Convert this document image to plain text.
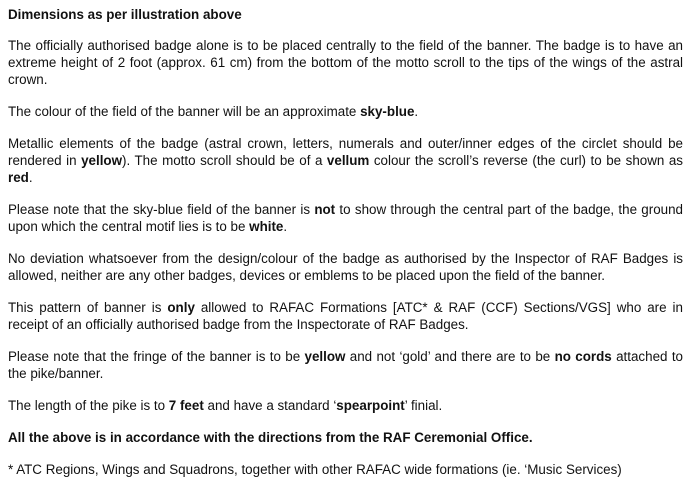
Dimensions as per illustration above

The officially authorised badge alone is to be placed centrally to the field of the banner. The badge is to have an extreme height of 2 foot (approx. 61 cm) from the bottom of the motto scroll to the tips of the wings of the astral crown.

The colour of the field of the banner will be an approximate sky-blue.

Metallic elements of the badge (astral crown, letters, numerals and outer/inner edges of the circlet should be rendered in yellow). The motto scroll should be of a vellum colour the scroll’s reverse (the curl) to be shown as red.

Please note that the sky-blue field of the banner is not to show through the central part of the badge, the ground upon which the central motif lies is to be white.

No deviation whatsoever from the design/colour of the badge as authorised by the Inspector of RAF Badges is allowed, neither are any other badges, devices or emblems to be placed upon the field of the banner.

This pattern of banner is only allowed to RAFAC Formations [ATC* & RAF (CCF) Sections/VGS] who are in receipt of an officially authorised badge from the Inspectorate of RAF Badges.

Please note that the fringe of the banner is to be yellow and not ‘gold’ and there are to be no cords attached to the pike/banner.

The length of the pike is to 7 feet and have a standard ‘spearpoint’ finial.

All the above is in accordance with the directions from the RAF Ceremonial Office.

* ATC Regions, Wings and Squadrons, together with other RAFAC wide formations (ie. ‘Music Services)
